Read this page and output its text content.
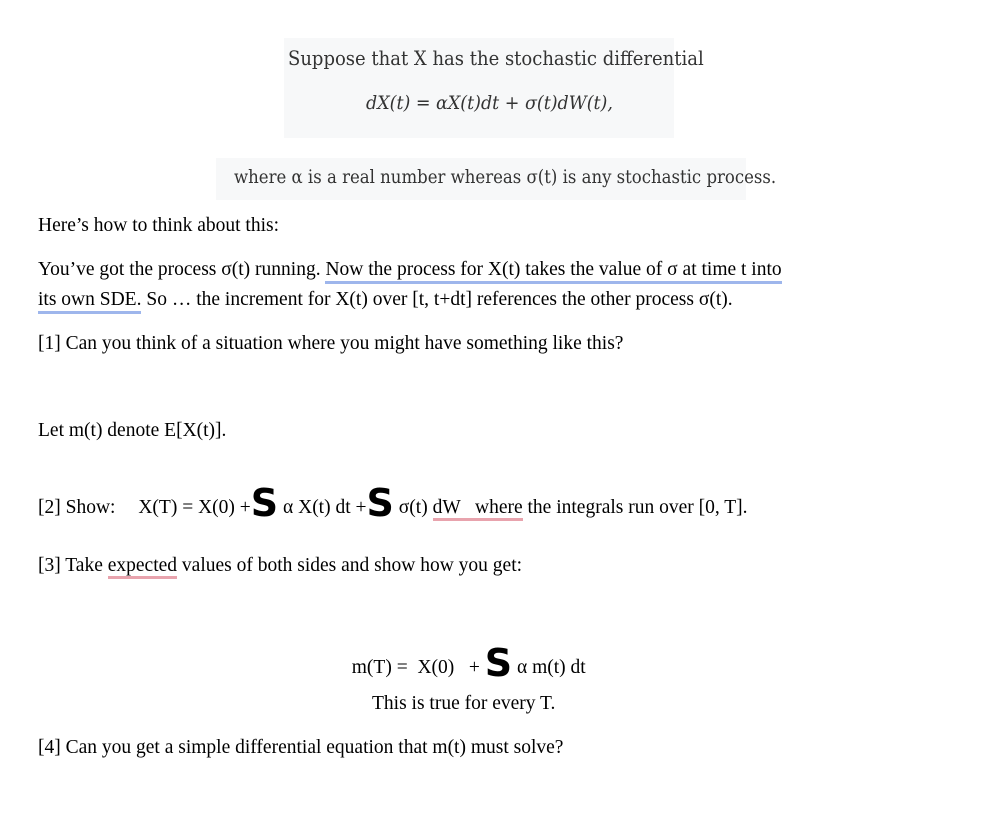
Suppose that X has the stochastic differential
dX(t) = αX(t)dt + σ(t)dW(t),
where α is a real number whereas σ(t) is any stochastic process.
Here’s how to think about this:
You’ve got the process σ(t) running. Now the process for X(t) takes the value of σ at time t into
its own SDE. So … the increment for X(t) over [t, t+dt] references the other process σ(t).
[1] Can you think of a situation where you might have something like this?
Let m(t) denote E[X(t)].
[2] Show: X(T) = X(0) +S α X(t) dt +S σ(t) dW where the integrals run over [0, T].
[3] Take expected values of both sides and show how you get:

m(T) =  X(0)   + S α m(t) dt

This is true for every T.
[4] Can you get a simple differential equation that m(t) must solve?
